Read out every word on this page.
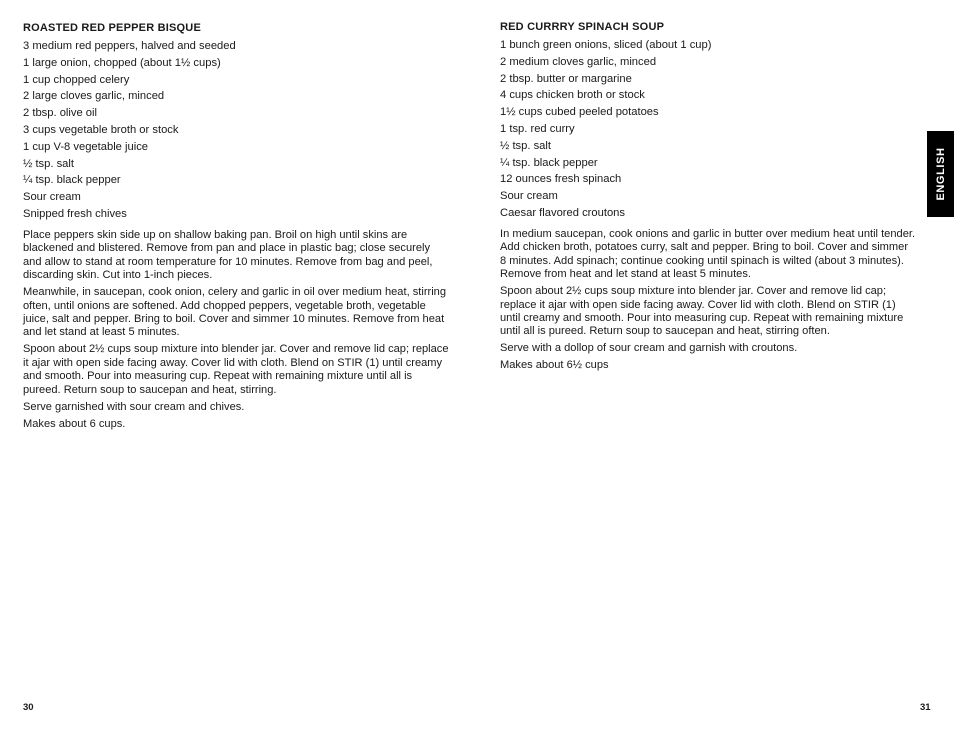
ROASTED RED PEPPER BISQUE
3 medium red peppers, halved and seeded
1 large onion, chopped (about 1½ cups)
1 cup chopped celery
2 large cloves garlic, minced
2 tbsp. olive oil
3 cups vegetable broth or stock
1 cup V-8 vegetable juice
½ tsp. salt
¼ tsp. black pepper
Sour cream
Snipped fresh chives

Place peppers skin side up on shallow baking pan. Broil on high until skins are blackened and blistered. Remove from pan and place in plastic bag; close securely and allow to stand at room temperature for 10 minutes. Remove from bag and peel, discarding skin. Cut into 1-inch pieces.

Meanwhile, in saucepan, cook onion, celery and garlic in oil over medium heat, stirring often, until onions are softened. Add chopped peppers, vegetable broth, vegetable juice, salt and pepper. Bring to boil. Cover and simmer 10 minutes. Remove from heat and let stand at least 5 minutes.

Spoon about 2½ cups soup mixture into blender jar. Cover and remove lid cap; replace it ajar with open side facing away. Cover lid with cloth. Blend on STIR (1) until creamy and smooth. Pour into measuring cup. Repeat with remaining mixture until all is pureed. Return soup to saucepan and heat, stirring.

Serve garnished with sour cream and chives.

Makes about 6 cups.

30
RED CURRRY SPINACH SOUP
1 bunch green onions, sliced (about 1 cup)
2 medium cloves garlic, minced
2 tbsp. butter or margarine
4 cups chicken broth or stock
1½ cups cubed peeled potatoes
1 tsp. red curry
½ tsp. salt
¼ tsp. black pepper
12 ounces fresh spinach
Sour cream
Caesar flavored croutons

In medium saucepan, cook onions and garlic in butter over medium heat until tender. Add chicken broth, potatoes curry, salt and pepper. Bring to boil. Cover and simmer 8 minutes. Add spinach; continue cooking until spinach is wilted (about 3 minutes). Remove from heat and let stand at least 5 minutes.

Spoon about 2½ cups soup mixture into blender jar. Cover and remove lid cap; replace it ajar with open side facing away. Cover lid with cloth. Blend on STIR (1) until creamy and smooth. Pour into measuring cup. Repeat with remaining mixture until all is pureed. Return soup to saucepan and heat, stirring often.

Serve with a dollop of sour cream and garnish with croutons.

Makes about 6½ cups

31
ENGLISH
